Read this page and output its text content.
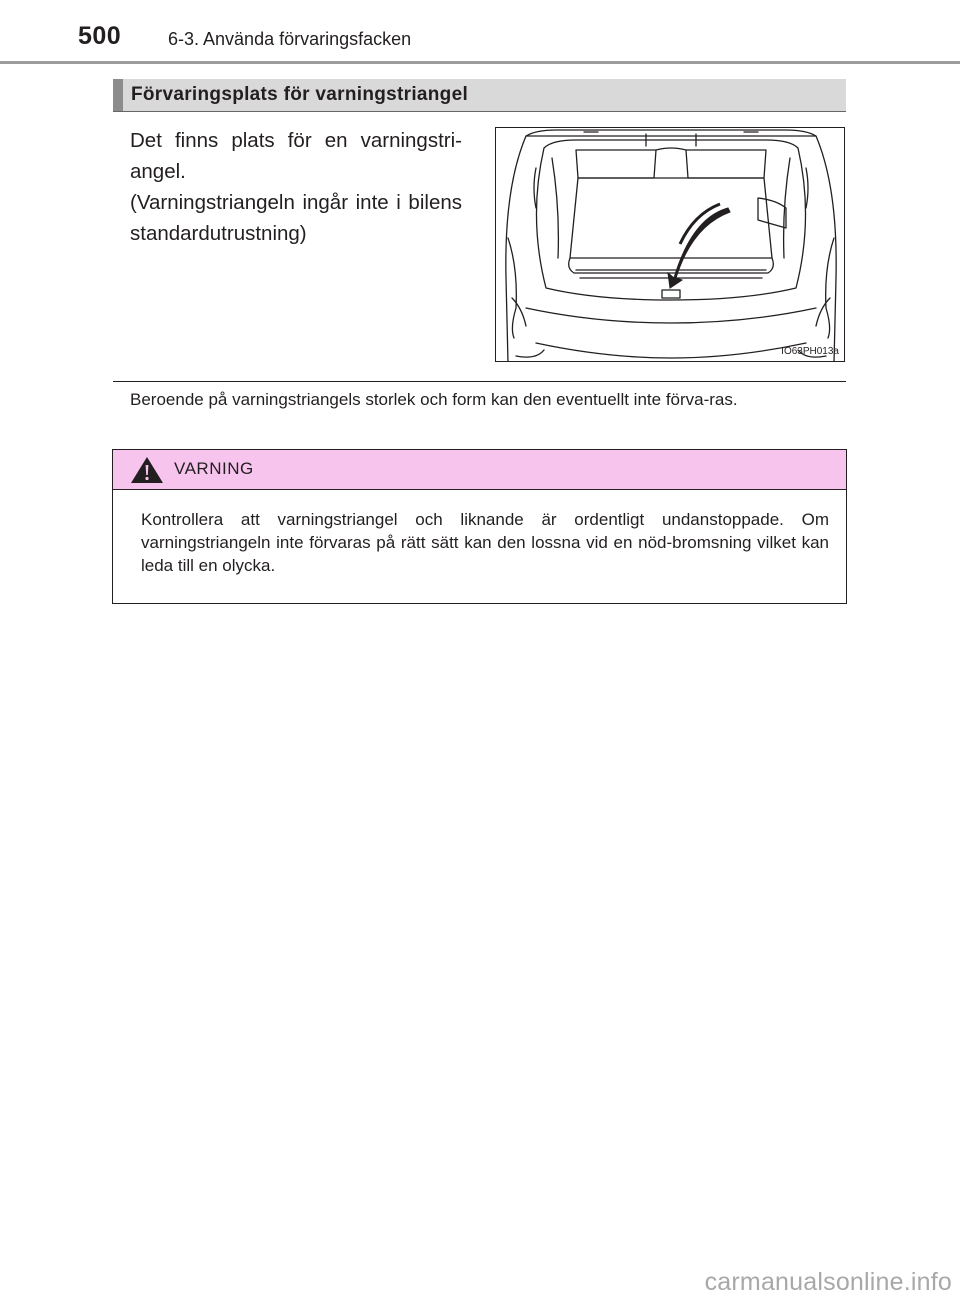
500	6-3. Använda förvaringsfacken
Förvaringsplats för varningstriangel

Det finns plats för en varningstri-angel.

(Varningstriangeln ingår inte i bilens standardutrustning)

IO63PH013a
Beroende på varningstriangels storlek och form kan den eventuellt inte förva-ras.
VARNING
Kontrollera att varningstriangel och liknande är ordentligt undanstoppade. Om varningstriangeln inte förvaras på rätt sätt kan den lossna vid en nöd-bromsning vilket kan leda till en olycka.
carmanualsonline.info
